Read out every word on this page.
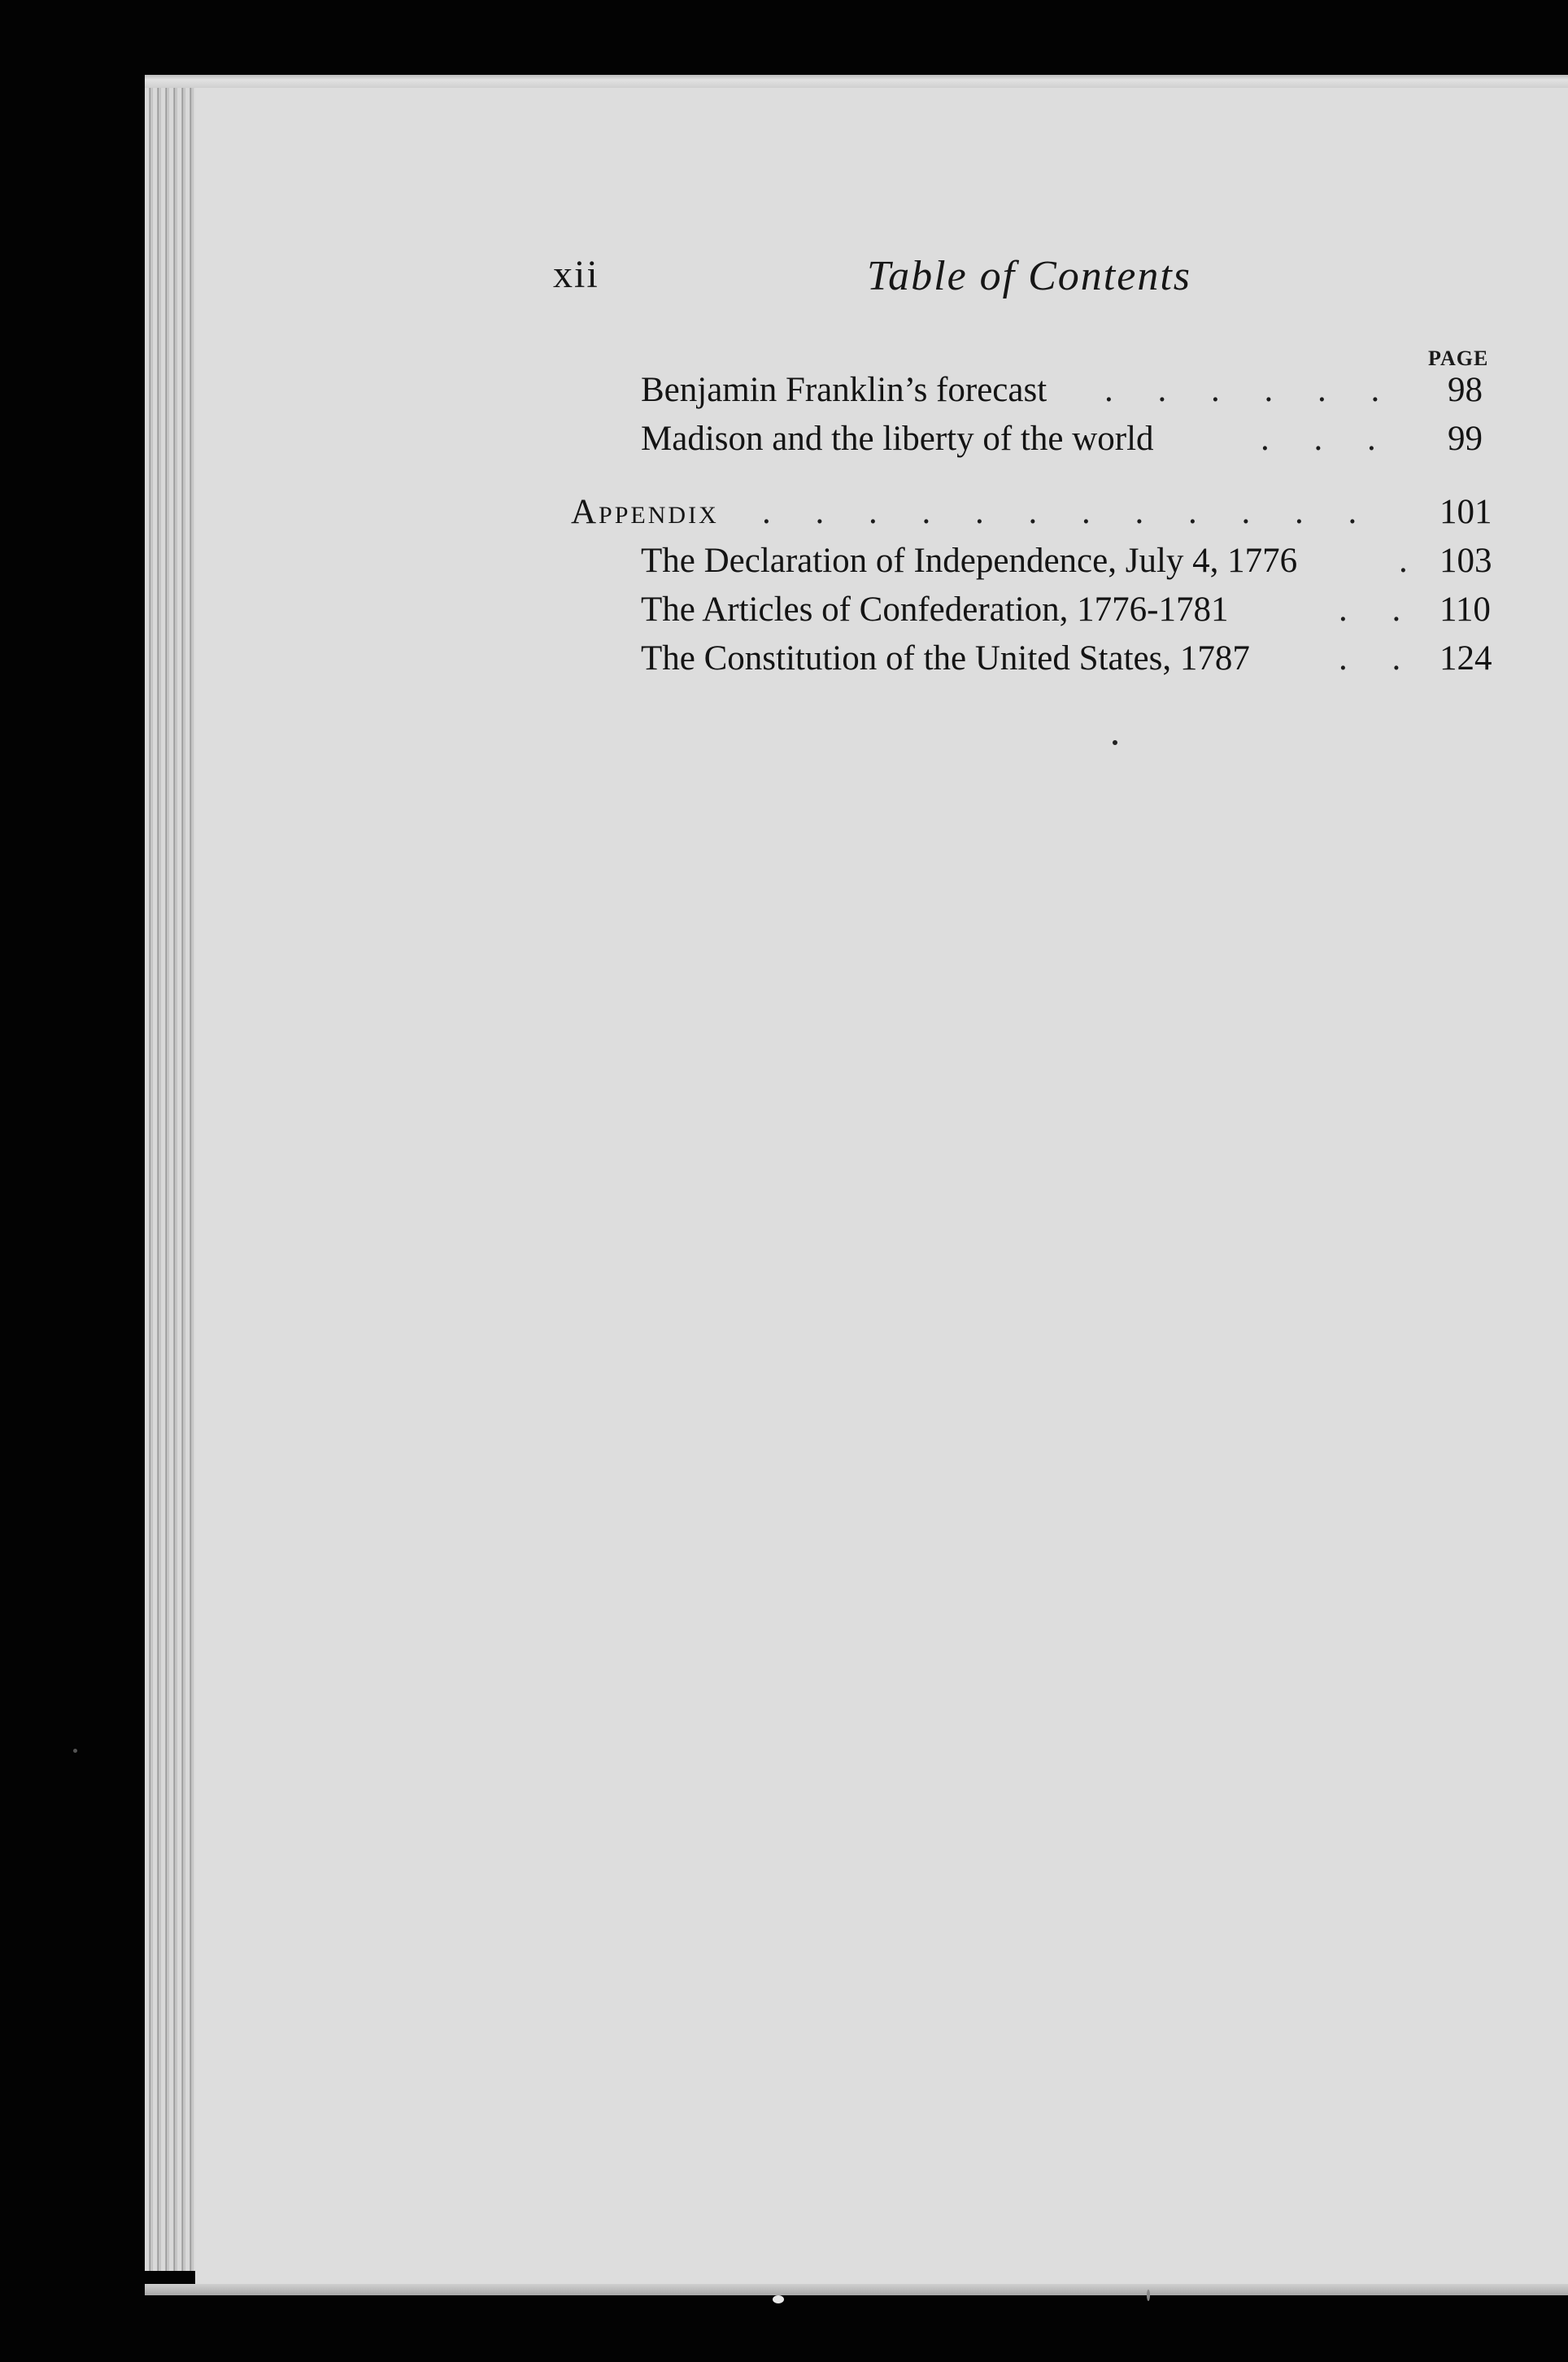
xii	Table of Contents
PAGE
Benjamin Franklin’s forecast . . . . . . 98
Madison and the liberty of the world	. . . 99
Appendix . . . . . . . . . . . . 101
The Declaration of Independence, July 4, 1776	. 103
The Articles of Confederation, 1776-1781	. . 110
The Constitution of the United States, 1787	. . 124
